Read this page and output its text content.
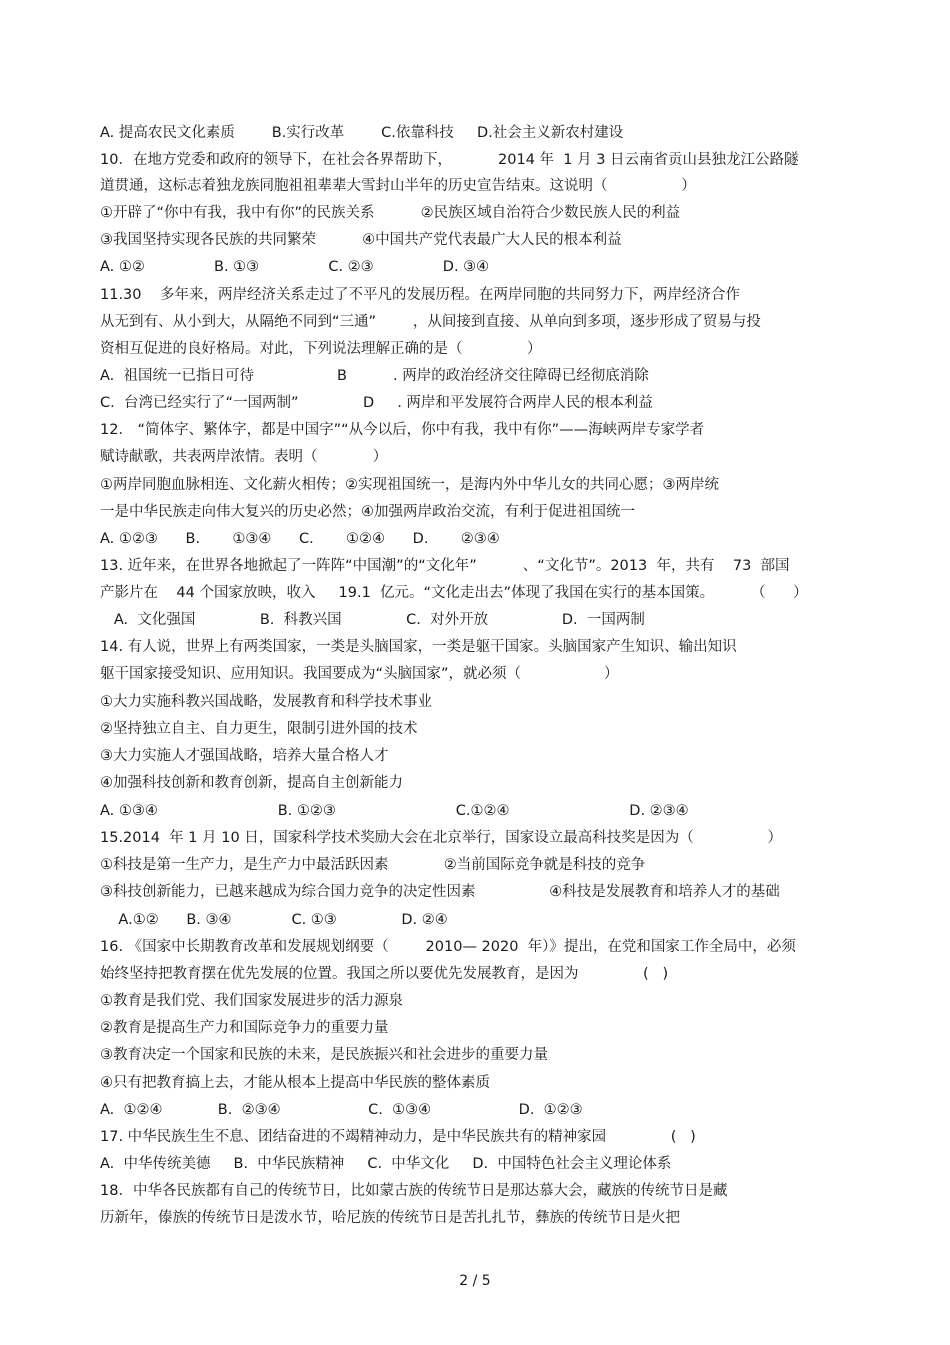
A. 提高农民文化素质        B.实行改革        C.依靠科技     D.社会主义新农村建设
10．在地方党委和政府的领导下，在社会各界帮助下，          2014 年  1 月 3 日云南省贡山县独龙江公路隧
道贯通，这标志着独龙族同胞祖祖辈辈大雪封山半年的历史宣告结束。这说明（                ）
①开辟了“你中有我，我中有你”的民族关系          ②民族区域自治符合少数民族人民的利益
③我国坚持实现各民族的共同繁荣          ④中国共产党代表最广大人民的根本利益
A. ①②               B. ①③               C. ②③               D. ③④
11.30    多年来，两岸经济关系走过了不平凡的发展历程。在两岸同胞的共同努力下，两岸经济合作
从无到有、从小到大，从隔绝不同到“三通”        ，从间接到直接、从单向到多项，逐步形成了贸易与投
资相互促进的良好格局。对此，下列说法理解正确的是（              ）
A.  祖国统一已指日可待                  B          . 两岸的政治经济交往障碍已经彻底消除
C.  台湾已经实行了“一国两制”              D     . 两岸和平发展符合两岸人民的根本利益
12． “简体字、繁体字，都是中国字”“从今以后，你中有我，我中有你”——海峡两岸专家学者
赋诗献歌，共表两岸浓情。表明（            ）
①两岸同胞血脉相连、文化薪火相传；②实现祖国统一，是海内外中华儿女的共同心愿；③两岸统
一是中华民族走向伟大复兴的历史必然；④加强两岸政治交流，有利于促进祖国统一
A. ①②③      B.       ①③④      C.       ①②④      D.       ②③④
13. 近年来，在世界各地掀起了一阵阵“中国潮”的“文化年”          、“文化节”。2013  年，共有    73  部国
产影片在    44 个国家放映，收入     19.1  亿元。“文化走出去”体现了我国在实行的基本国策。        （      ）
A.  文化强国              B.  科教兴国              C.  对外开放                D.  一国两制
14. 有人说，世界上有两类国家，一类是头脑国家，一类是躯干国家。头脑国家产生知识、输出知识
躯干国家接受知识、应用知识。我国要成为“头脑国家”，就必须（                  ）
①大力实施科教兴国战略，发展教育和科学技术事业
②坚持独立自主、自力更生，限制引进外国的技术
③大力实施人才强国战略，培养大量合格人才
④加强科技创新和教育创新，提高自主创新能力
A. ①③④                          B. ①②③                          C.①②④                          D. ②③④
15.2014  年 1 月 10 日，国家科学技术奖励大会在北京举行，国家设立最高科技奖是因为（                ）
①科技是第一生产力，是生产力中最活跃因素            ②当前国际竞争就是科技的竞争
③科技创新能力，已越来越成为综合国力竞争的决定性因素                ④科技是发展教育和培养人才的基础
A.①②      B. ③④             C. ①③              D. ②④
16. 《国家中长期教育改革和发展规划纲要（        2010— 2020  年）》提出，在党和国家工作全局中，必须
始终坚持把教育摆在优先发展的位置。我国之所以要优先发展教育，是因为              (   )
①教育是我们党、我们国家发展进步的活力源泉
②教育是提高生产力和国际竞争力的重要力量
③教育决定一个国家和民族的未来，是民族振兴和社会进步的重要力量
④只有把教育搞上去，才能从根本上提高中华民族的整体素质
A.  ①②④            B.  ②③④                   C.  ①③④                   D.  ①②③
17. 中华民族生生不息、团结奋进的不竭精神动力，是中华民族共有的精神家园              (   )
A.  中华传统美德     B.  中华民族精神     C.  中华文化     D.  中国特色社会主义理论体系
18．中华各民族都有自己的传统节日，比如蒙古族的传统节日是那达慕大会，藏族的传统节日是藏
历新年，傣族的传统节日是泼水节，哈尼族的传统节日是苦扎扎节，彝族的传统节日是火把
2 / 5
